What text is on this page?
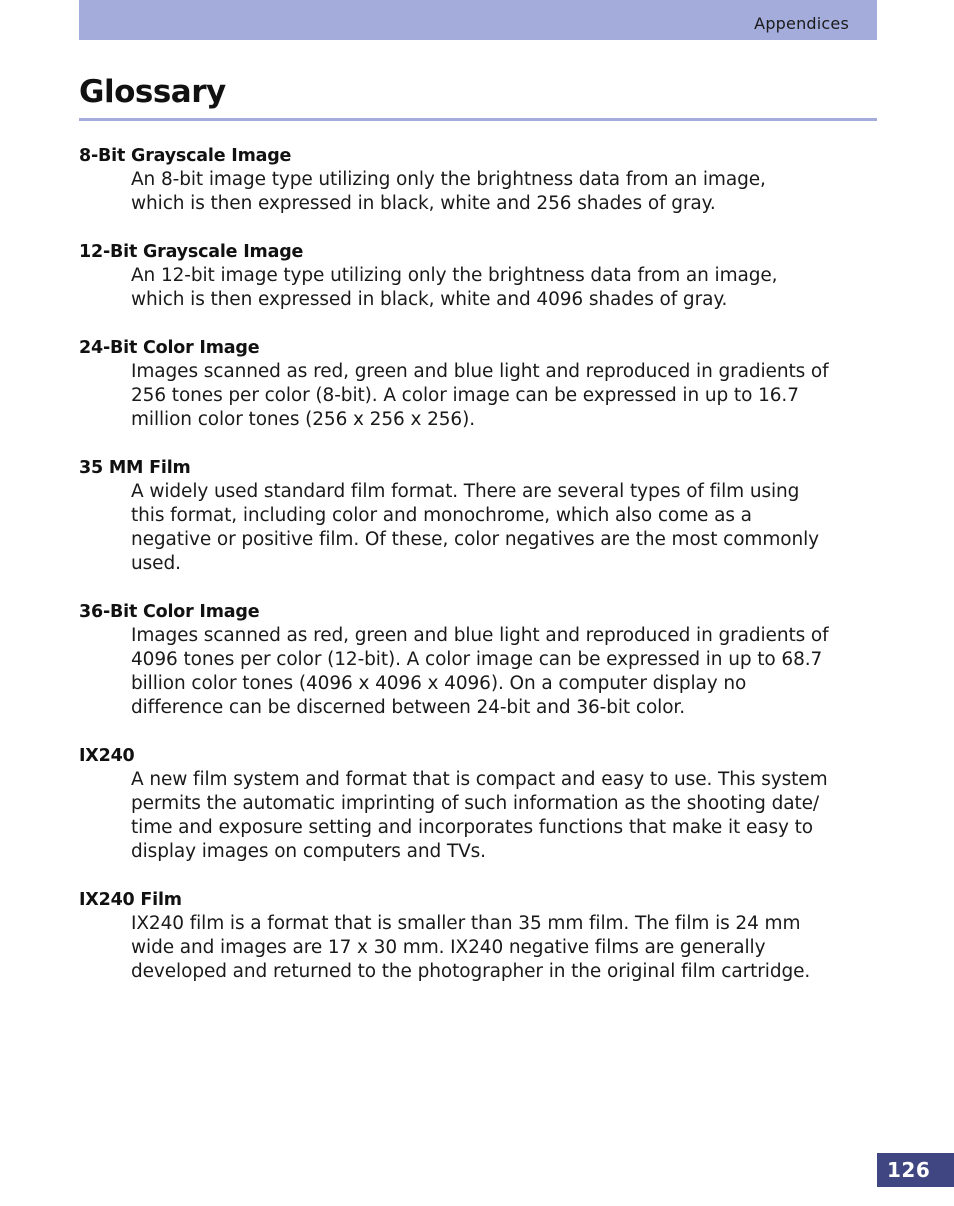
Appendices
Glossary
8-Bit Grayscale Image
An 8-bit image type utilizing only the brightness data from an image,
which is then expressed in black, white and 256 shades of gray.
12-Bit Grayscale Image
An 12-bit image type utilizing only the brightness data from an image,
which is then expressed in black, white and 4096 shades of gray.
24-Bit Color Image
Images scanned as red, green and blue light and reproduced in gradients of
256 tones per color (8-bit). A color image can be expressed in up to 16.7
million color tones (256 x 256 x 256).
35 MM Film
A widely used standard film format. There are several types of film using
this format, including color and monochrome, which also come as a
negative or positive film. Of these, color negatives are the most commonly
used.
36-Bit Color Image
Images scanned as red, green and blue light and reproduced in gradients of
4096 tones per color (12-bit). A color image can be expressed in up to 68.7
billion color tones (4096 x 4096 x 4096). On a computer display no
difference can be discerned between 24-bit and 36-bit color.
IX240
A new film system and format that is compact and easy to use. This system
permits the automatic imprinting of such information as the shooting date/
time and exposure setting and incorporates functions that make it easy to
display images on computers and TVs.
IX240 Film
IX240 film is a format that is smaller than 35 mm film. The film is 24 mm
wide and images are 17 x 30 mm. IX240 negative films are generally
developed and returned to the photographer in the original film cartridge.
126
